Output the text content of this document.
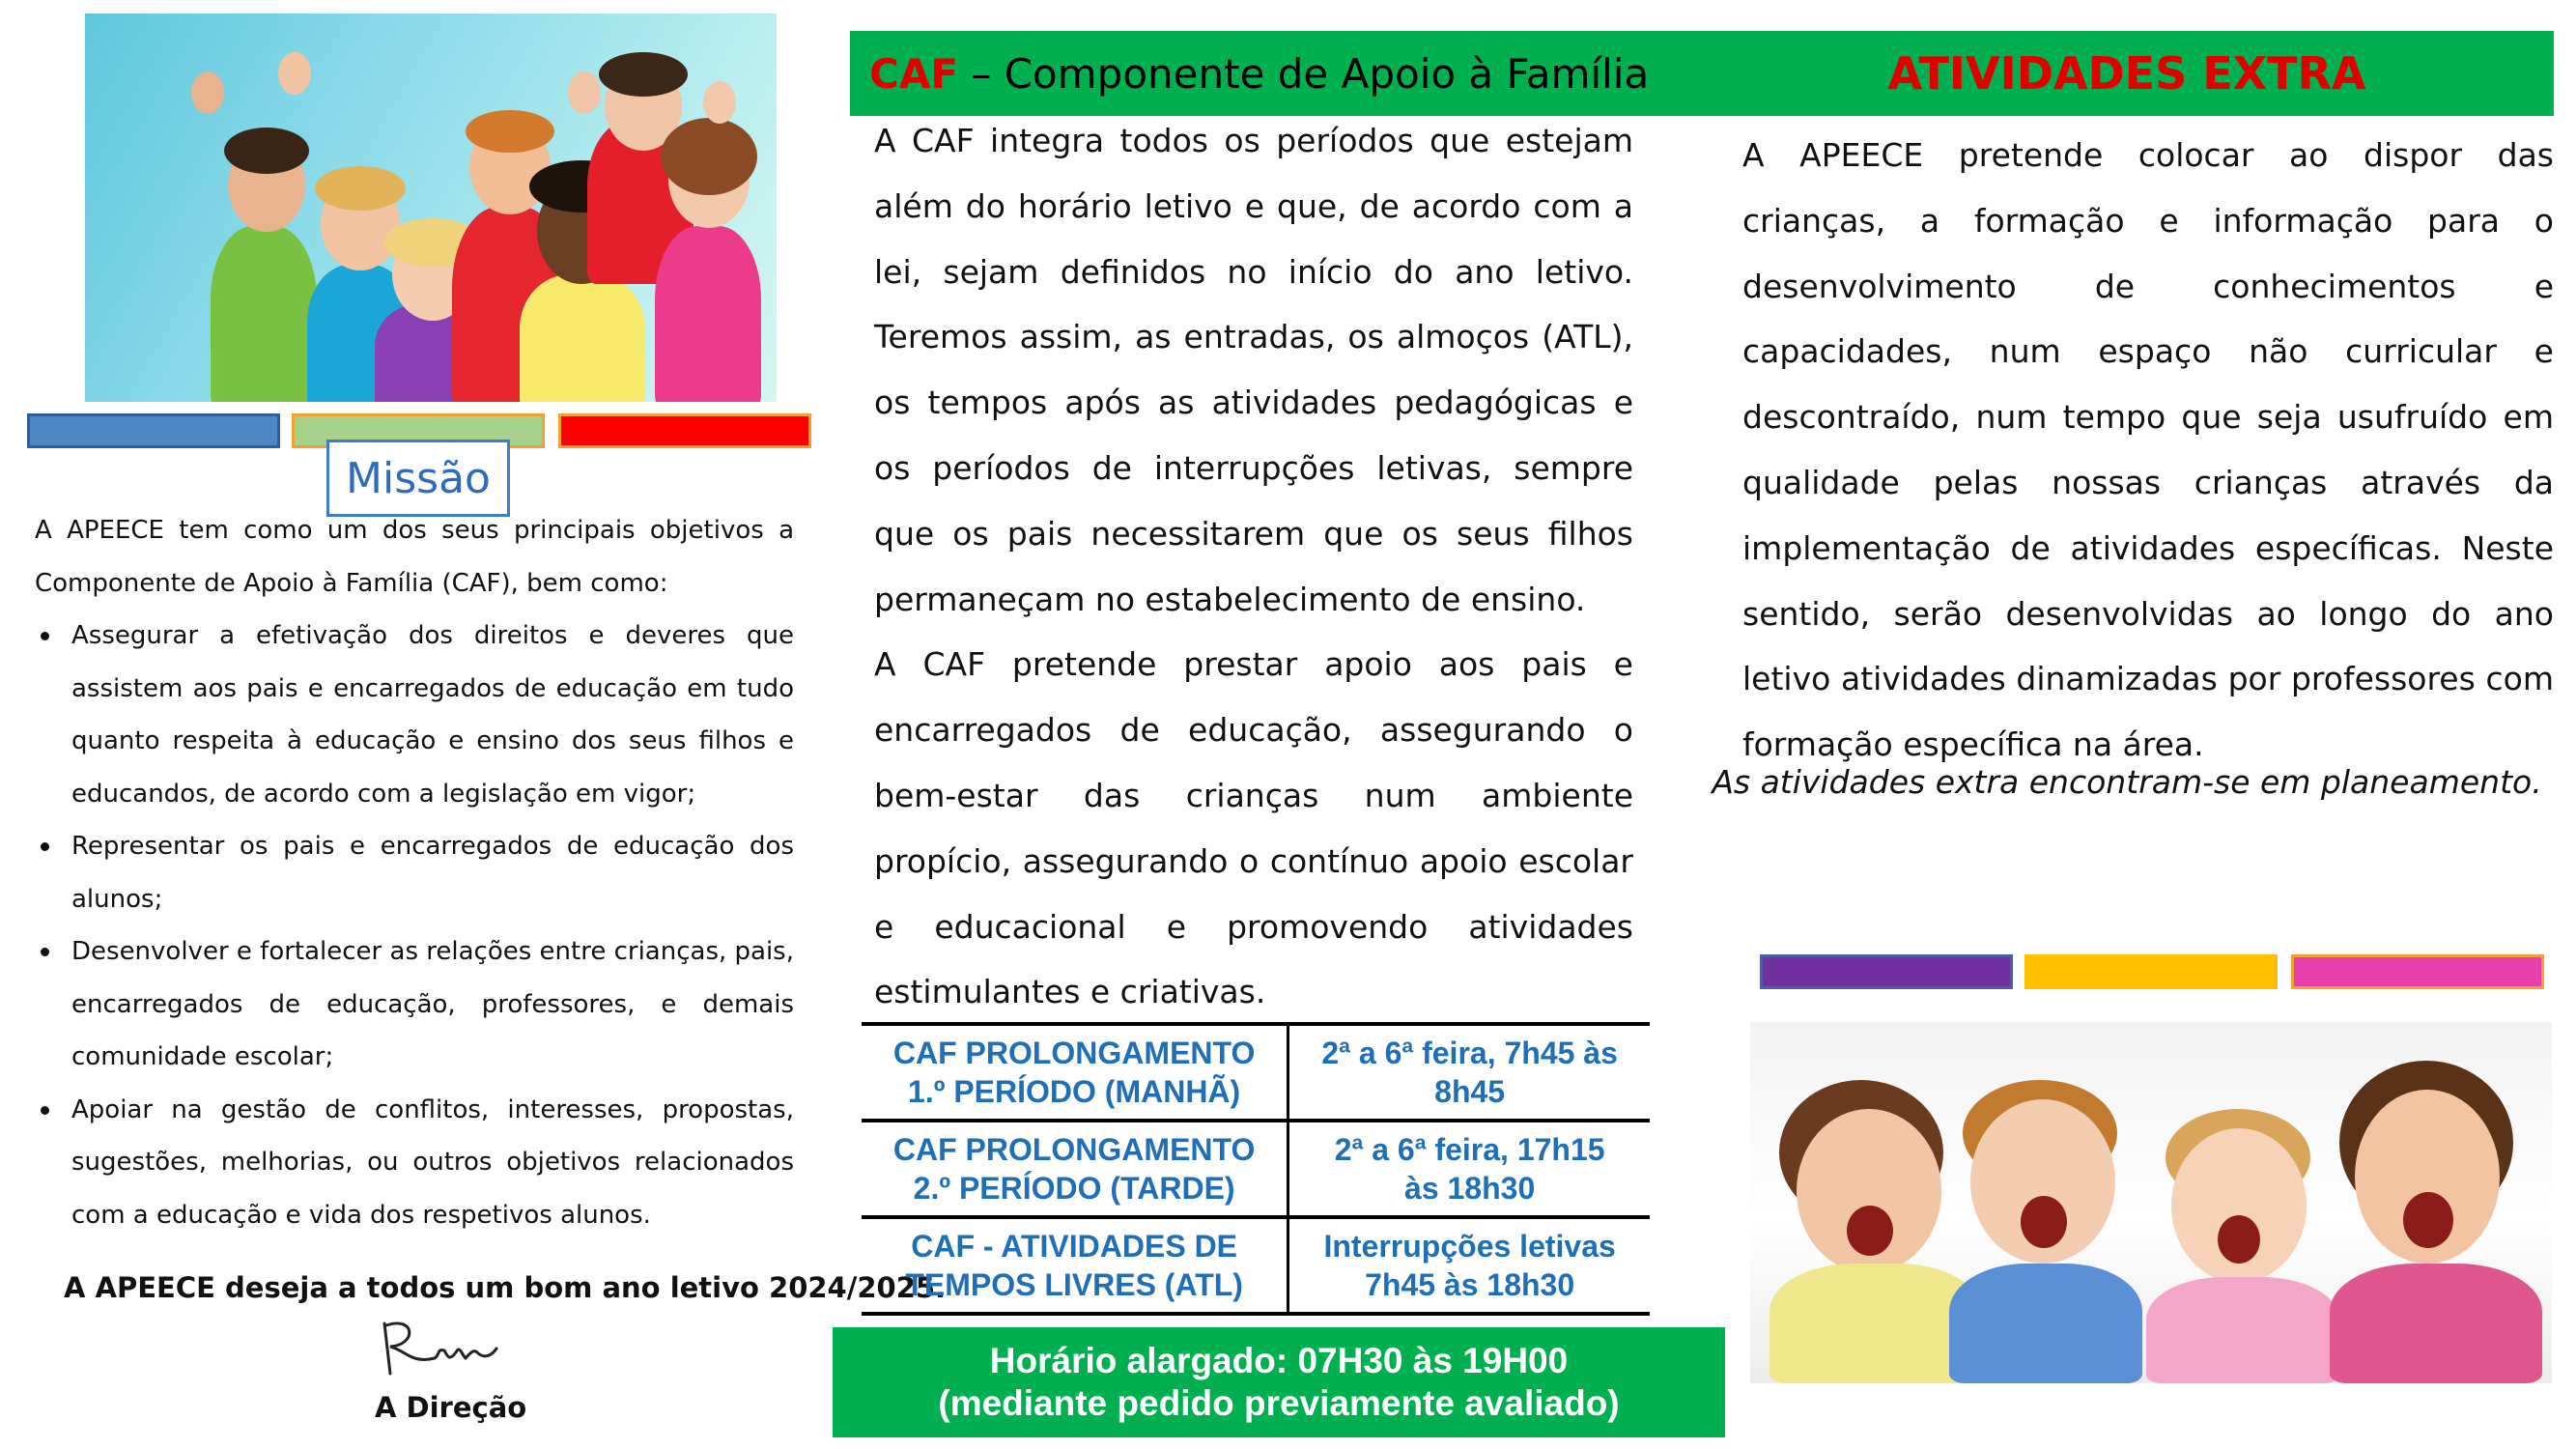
Missão

A APEECE tem como um dos seus principais objetivos a Componente de Apoio à Família (CAF), bem como:

Assegurar a efetivação dos direitos e deveres que assistem aos pais e encarregados de educação em tudo quanto respeita à educação e ensino dos seus filhos e educandos, de acordo com a legislação em vigor;
Representar os pais e encarregados de educação dos alunos;
Desenvolver e fortalecer as relações entre crianças, pais, encarregados de educação, professores, e demais comunidade escolar;
Apoiar na gestão de conflitos, interesses, propostas, sugestões, melhorias, ou outros objetivos relacionados com a educação e vida dos respetivos alunos.
A APEECE deseja a todos um bom ano letivo 2024/2025.
A Direção
CAF – Componente de Apoio à Família

A CAF integra todos os períodos que estejam além do horário letivo e que, de acordo com a lei, sejam definidos no início do ano letivo. Teremos assim, as entradas, os almoços (ATL), os tempos após as atividades pedagógicas e os períodos de interrupções letivas, sempre que os pais necessitarem que os seus filhos permaneçam no estabelecimento de ensino.

A CAF pretende prestar apoio aos pais e encarregados de educação, assegurando o bem-estar das crianças num ambiente propício, assegurando o contínuo apoio escolar e educacional e promovendo atividades estimulantes e criativas.

CAF PROLONGAMENTO
1.º PERÍODO (MANHÃ)	2ª a 6ª feira, 7h45 às
8h45
CAF PROLONGAMENTO
2.º PERÍODO (TARDE)	2ª a 6ª feira, 17h15
às 18h30
CAF - ATIVIDADES DE
TEMPOS LIVRES (ATL)	Interrupções letivas
7h45 às 18h30
Horário alargado: 07H30 às 19H00
(mediante pedido previamente avaliado)
ATIVIDADES EXTRA
A APEECE pretende colocar ao dispor das crianças, a formação e informação para o desenvolvimento de conhecimentos e capacidades, num espaço não curricular e descontraído, num tempo que seja usufruído em qualidade pelas nossas crianças através da implementação de atividades específicas. Neste sentido, serão desenvolvidas ao longo do ano letivo atividades dinamizadas por professores com formação específica na área.
As atividades extra encontram-se em planeamento.
